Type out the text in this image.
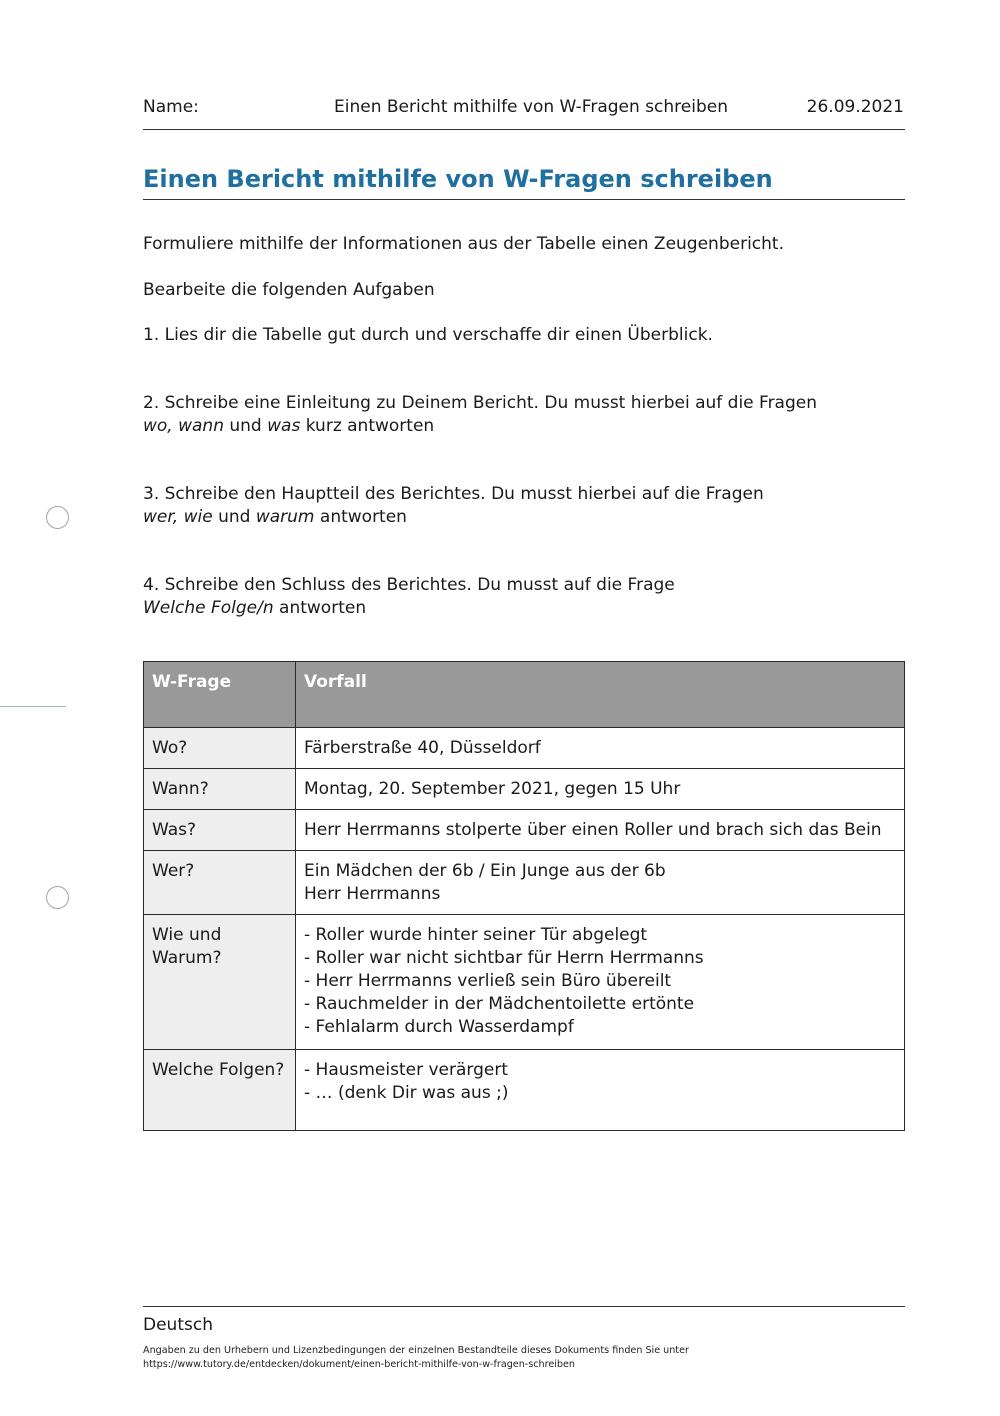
Name:	Einen Bericht mithilfe von W-Fragen schreiben	26.09.2021
Einen Bericht mithilfe von W-Fragen schreiben
Formuliere mithilfe der Informationen aus der Tabelle einen Zeugenbericht.
Bearbeite die folgenden Aufgaben
1. Lies dir die Tabelle gut durch und verschaffe dir einen Überblick.
2. Schreibe eine Einleitung zu Deinem Bericht. Du musst hierbei auf die Fragen
wo, wann und was kurz antworten
3. Schreibe den Hauptteil des Berichtes. Du musst hierbei auf die Fragen
wer, wie und warum antworten
4. Schreibe den Schluss des Berichtes. Du musst auf die Frage
Welche Folge/n antworten
W-Frage	Vorfall
Wo?	Färberstraße 40, Düsseldorf

Wann?	Montag, 20. September 2021, gegen 15 Uhr

Was?	Herr Herrmanns stolperte über einen Roller und brach sich das Bein

Wer?	Ein Mädchen der 6b / Ein Junge aus der 6b
Herr Herrmanns

Wie und Warum?	- Roller wurde hinter seiner Tür abgelegt
- Roller war nicht sichtbar für Herrn Herrmanns
- Herr Herrmanns verließ sein Büro übereilt
- Rauchmelder in der Mädchentoilette ertönte
- Fehlalarm durch Wasserdampf

Welche Folgen?	- Hausmeister verärgert
- … (denk Dir was aus ;)
Deutsch
Angaben zu den Urhebern und Lizenzbedingungen der einzelnen Bestandteile dieses Dokuments finden Sie unter
https://www.tutory.de/entdecken/dokument/einen-bericht-mithilfe-von-w-fragen-schreiben
